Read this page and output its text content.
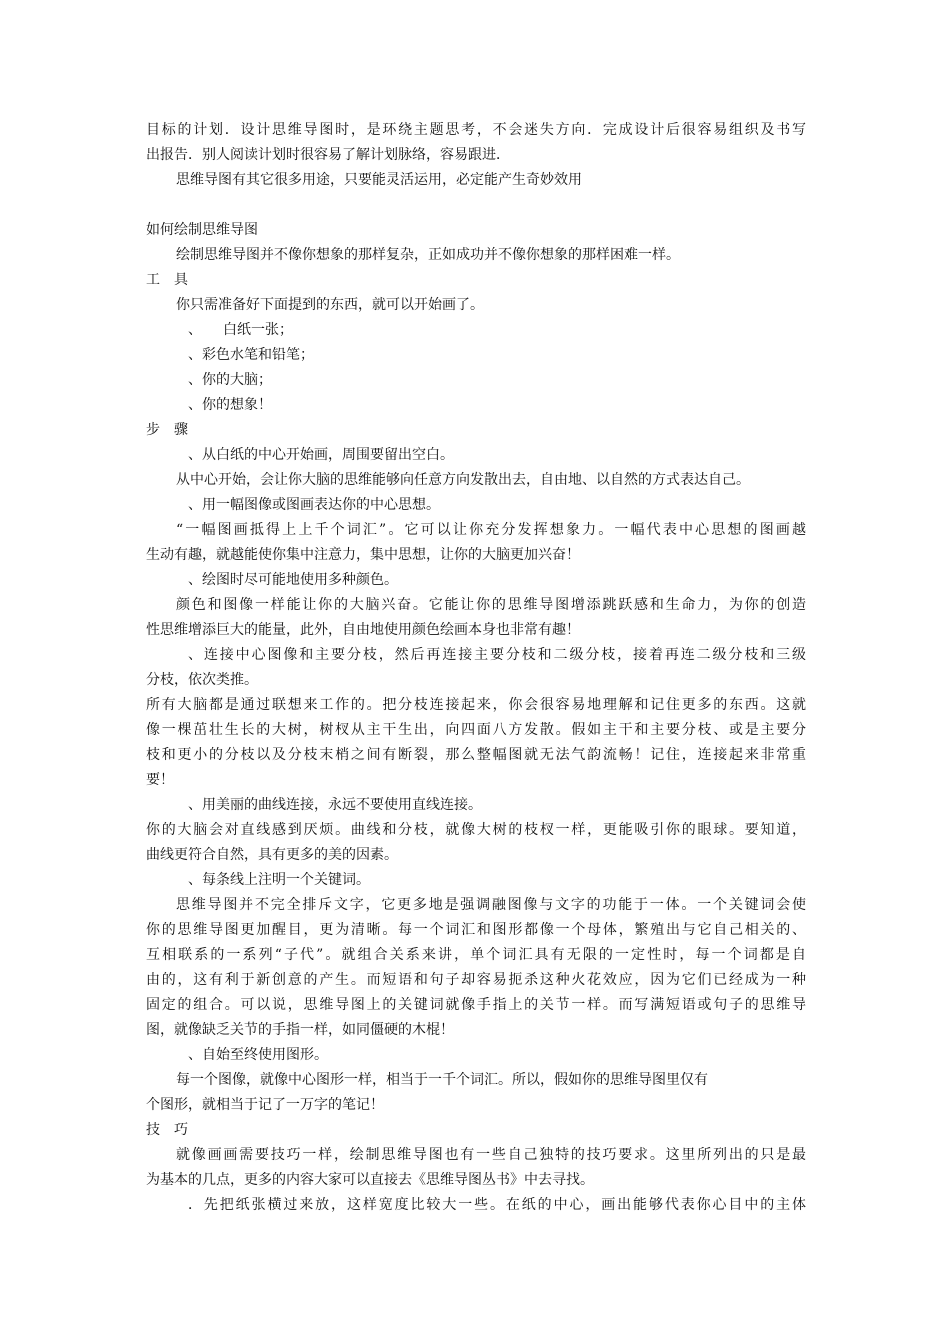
目标的计划．设计思维导图时，是环绕主题思考，不会迷失方向．完成设计后很容易组织及书写
出报告．别人阅读计划时很容易了解计划脉络，容易跟进．
思维导图有其它很多用途，只要能灵活运用，必定能产生奇妙效用
如何绘制思维导图
绘制思维导图并不像你想象的那样复杂，正如成功并不像你想象的那样困难一样。
工　具
你只需准备好下面提到的东西，就可以开始画了。
、　　白纸一张；
、彩色水笔和铅笔；
、你的大脑；
、你的想象！
步　骤
、从白纸的中心开始画，周围要留出空白。
从中心开始，会让你大脑的思维能够向任意方向发散出去，自由地、以自然的方式表达自己。
、用一幅图像或图画表达你的中心思想。
“一幅图画抵得上上千个词汇”。它可以让你充分发挥想象力。一幅代表中心思想的图画越
生动有趣，就越能使你集中注意力，集中思想，让你的大脑更加兴奋！
、绘图时尽可能地使用多种颜色。
颜色和图像一样能让你的大脑兴奋。它能让你的思维导图增添跳跃感和生命力，为你的创造
性思维增添巨大的能量，此外，自由地使用颜色绘画本身也非常有趣！
、连接中心图像和主要分枝，然后再连接主要分枝和二级分枝，接着再连二级分枝和三级
分枝，依次类推。
所有大脑都是通过联想来工作的。把分枝连接起来，你会很容易地理解和记住更多的东西。这就
像一棵茁壮生长的大树，树杈从主干生出，向四面八方发散。假如主干和主要分枝、或是主要分
枝和更小的分枝以及分枝末梢之间有断裂，那么整幅图就无法气韵流畅！记住，连接起来非常重
要！
、用美丽的曲线连接，永远不要使用直线连接。
你的大脑会对直线感到厌烦。曲线和分枝，就像大树的枝杈一样，更能吸引你的眼球。要知道，
曲线更符合自然，具有更多的美的因素。
、每条线上注明一个关键词。
思维导图并不完全排斥文字，它更多地是强调融图像与文字的功能于一体。一个关键词会使
你的思维导图更加醒目，更为清晰。每一个词汇和图形都像一个母体，繁殖出与它自己相关的、
互相联系的一系列“子代”。就组合关系来讲，单个词汇具有无限的一定性时，每一个词都是自
由的，这有利于新创意的产生。而短语和句子却容易扼杀这种火花效应，因为它们已经成为一种
固定的组合。可以说，思维导图上的关键词就像手指上的关节一样。而写满短语或句子的思维导
图，就像缺乏关节的手指一样，如同僵硬的木棍！
、自始至终使用图形。
每一个图像，就像中心图形一样，相当于一千个词汇。所以，假如你的思维导图里仅有
个图形，就相当于记了一万字的笔记！
技　巧
就像画画需要技巧一样，绘制思维导图也有一些自己独特的技巧要求。这里所列出的只是最
为基本的几点，更多的内容大家可以直接去《思维导图丛书》中去寻找。
．先把纸张横过来放，这样宽度比较大一些。在纸的中心，画出能够代表你心目中的主体
